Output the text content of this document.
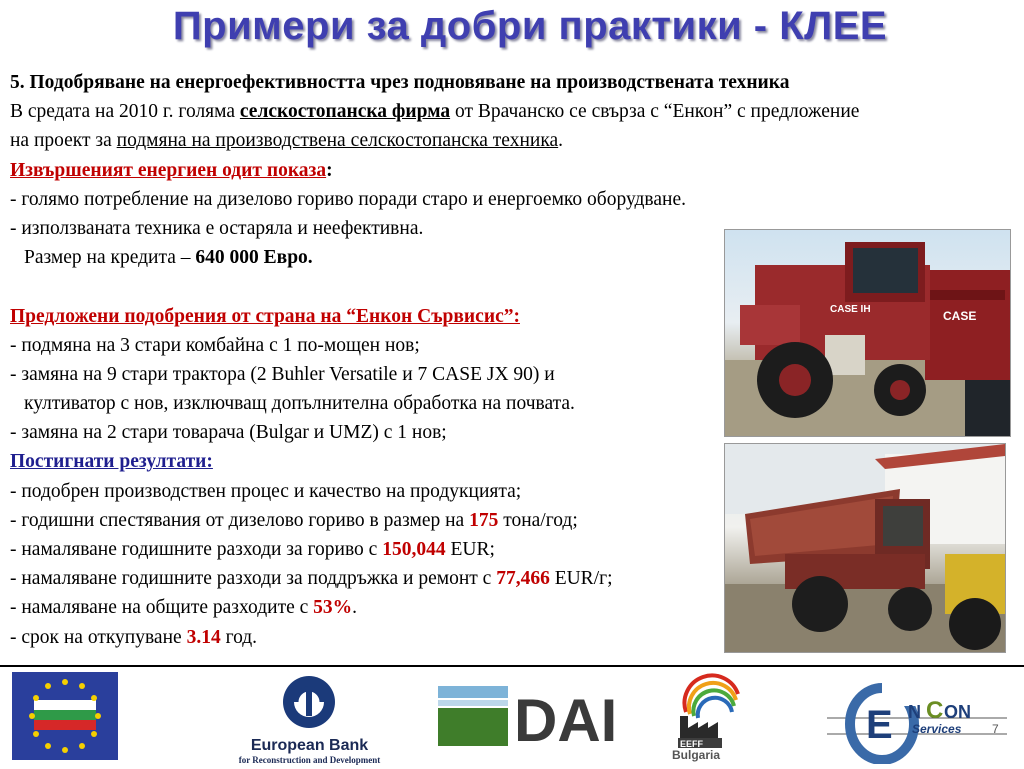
Примери за добри практики - КЛЕЕ
5. Подобряване на енергоефективността чрез подновяване на производствената техника
В средата на 2010 г. голяма селскостопанска фирма от Врачанско се свърза с “Енкон” с предложение
на проект за подмяна на производствена селскостопанска техника.
Извършеният енергиен одит показа:
- голямо потребление на дизелово гориво поради старо и енергоемко оборудване.
- използваната техника е остаряла и неефективна.
Размер на кредита – 640 000 Евро.
Предложени подобрения от страна на “Енкон Сървисис”:
- подмяна на 3 стари комбайна с 1 по-мощен нов;
- замяна на 9 стари трактора (2 Buhler Versatile и 7 CASE JX 90) и
култиватор с нов, изключващ допълнителна обработка на почвата.
- замяна на 2 стари товарача (Bulgar и UMZ) с 1 нов;
Постигнати резултати:
- подобрен производствен процес и качество на продукцията;
- годишни спестявания от дизелово гориво в размер на 175 тона/год;
- намаляване годишните разходи за гориво с 150,044 EUR;
- намаляване годишните разходи за поддръжка и ремонт с 77,466 EUR/г;
- намаляване на общите разходите с 53%.
- срок на откупуване 3.14 год.
CASE
CASE IH
European Bank
for Reconstruction and Development
DAI	EEFF
Bulgaria
E N C ON
Services	7
